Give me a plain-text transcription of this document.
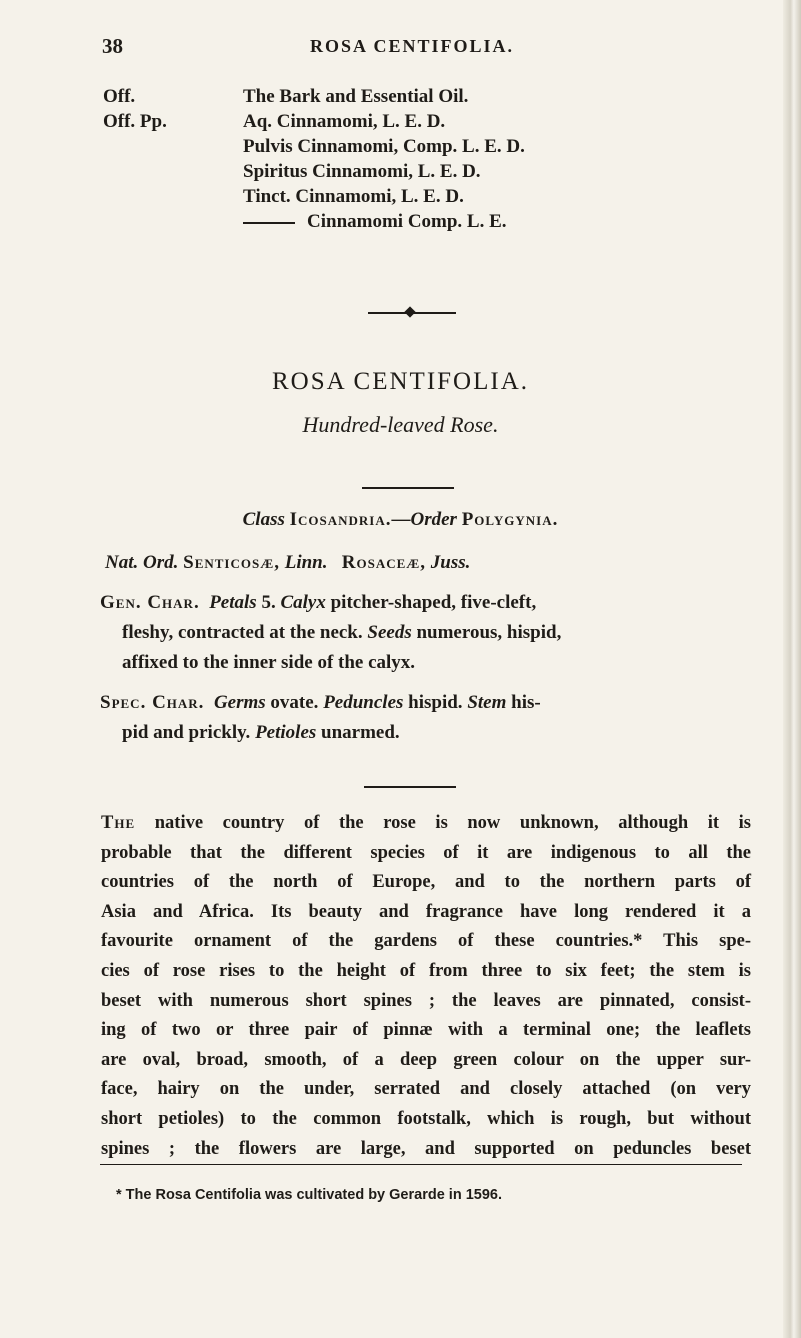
38	ROSA CENTIFOLIA.
Off.	The Bark and Essential Oil.
Off. Pp.	Aq. Cinnamomi, L. E. D.
Pulvis Cinnamomi, Comp. L. E. D.
Spiritus Cinnamomi, L. E. D.
Tinct. Cinnamomi, L. E. D.
Cinnamomi Comp. L. E.
ROSA CENTIFOLIA.
Hundred-leaved Rose.
Class Icosandria.—Order Polygynia.
Nat. Ord. Senticosæ, Linn. Rosaceæ, Juss.
Gen. Char. Petals 5. Calyx pitcher-shaped, five-cleft,
fleshy, contracted at the neck. Seeds numerous, hispid,
affixed to the inner side of the calyx.
Spec. Char. Germs ovate. Peduncles hispid. Stem his-
pid and prickly. Petioles unarmed.
The native country of the rose is now unknown, although it is
probable that the different species of it are indigenous to all the
countries of the north of Europe, and to the northern parts of
Asia and Africa. Its beauty and fragrance have long rendered it a
favourite ornament of the gardens of these countries.* This spe-
cies of rose rises to the height of from three to six feet; the stem is
beset with numerous short spines ; the leaves are pinnated, consist-
ing of two or three pair of pinnæ with a terminal one; the leaflets
are oval, broad, smooth, of a deep green colour on the upper sur-
face, hairy on the under, serrated and closely attached (on very
short petioles) to the common footstalk, which is rough, but without
spines ; the flowers are large, and supported on peduncles beset
* The Rosa Centifolia was cultivated by Gerarde in 1596.
